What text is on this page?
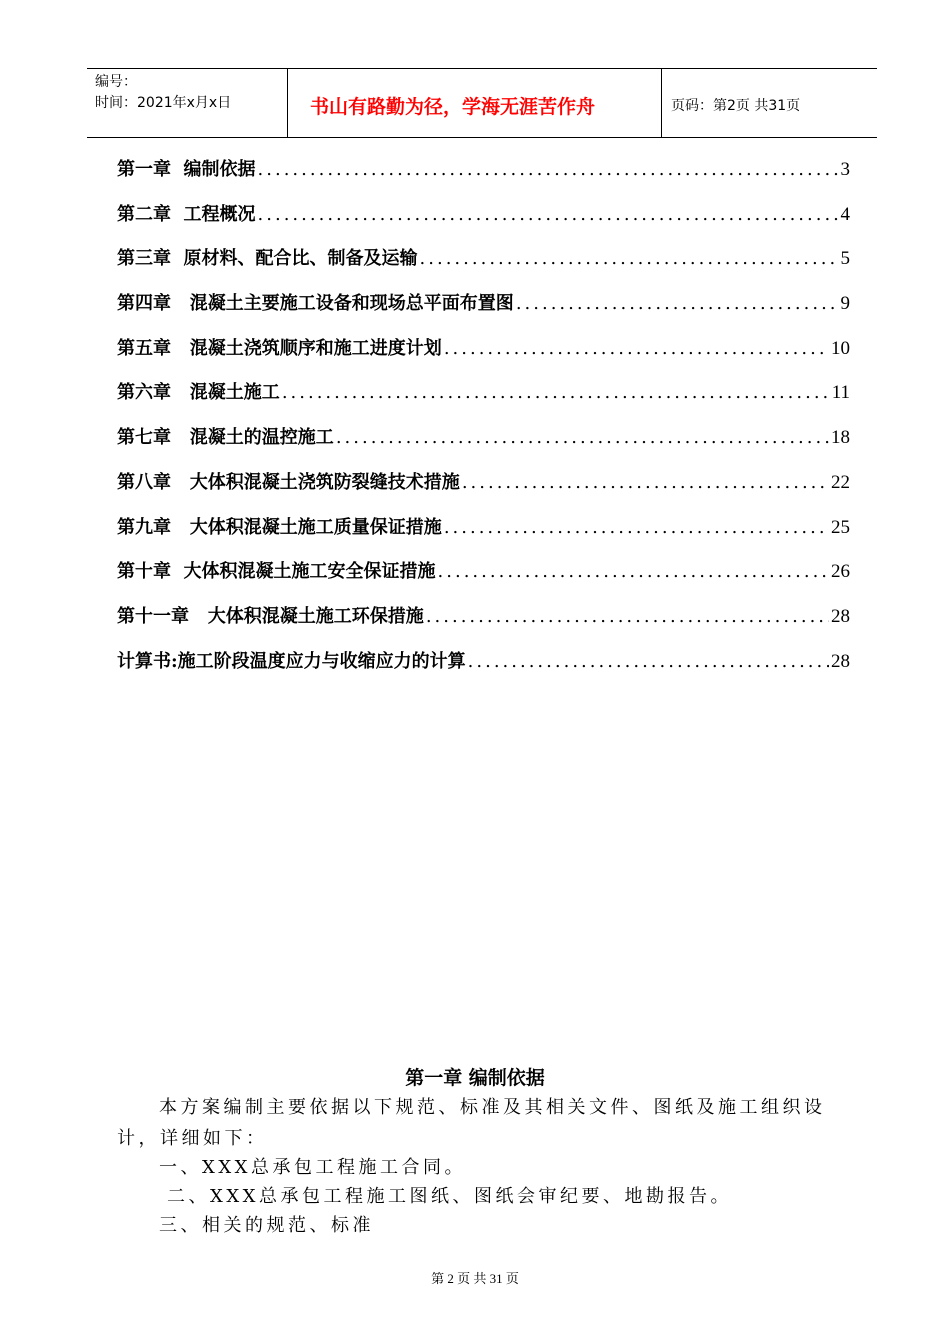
编号：
时间：2021年x月x日	书山有路勤为径，学海无涯苦作舟	页码：第2页 共31页
第一章  编制依据 .....	3
第二章  工程概况 .....	4
第三章  原材料、配合比、制备及运输 .....	5
第四章   混凝土主要施工设备和现场总平面布置图 .....	9
第五章   混凝土浇筑顺序和施工进度计划 .....	10
第六章   混凝土施工 .....	11
第七章   混凝土的温控施工 .....	18
第八章   大体积混凝土浇筑防裂缝技术措施 .....	22
第九章   大体积混凝土施工质量保证措施 .....	25
第十章  大体积混凝土施工安全保证措施 .....	26
第十一章   大体积混凝土施工环保措施 .....	28
计算书:施工阶段温度应力与收缩应力的计算 .....	28
第一章 编制依据
本方案编制主要依据以下规范、标准及其相关文件、图纸及施工组织设计，详细如下：
一、XXX总承包工程施工合同。
二、XXX总承包工程施工图纸、图纸会审纪要、地勘报告。
三、相关的规范、标准
第 2 页 共 31 页
